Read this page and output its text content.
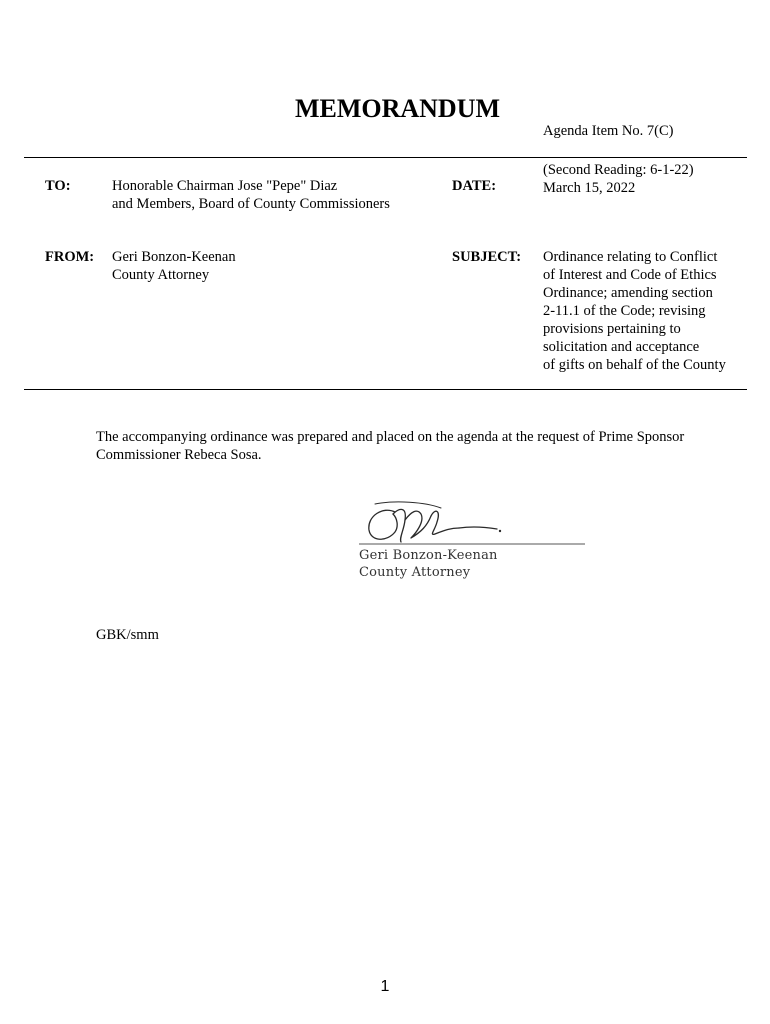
MEMORANDUM
Agenda Item No. 7(C)
TO:	Honorable Chairman Jose "Pepe" Diaz
and Members, Board of County Commissioners
DATE:
(Second Reading: 6-1-22)
March 15, 2022
FROM: Geri Bonzon-Keenan
County Attorney
SUBJECT: Ordinance relating to Conflict
of Interest and Code of Ethics
Ordinance; amending section
2-11.1 of the Code; revising
provisions pertaining to
solicitation and acceptance
of gifts on behalf of the County
The accompanying ordinance was prepared and placed on the agenda at the request of Prime Sponsor
Commissioner Rebeca Sosa.
Geri Bonzon-Keenan
County Attorney
GBK/smm
1
